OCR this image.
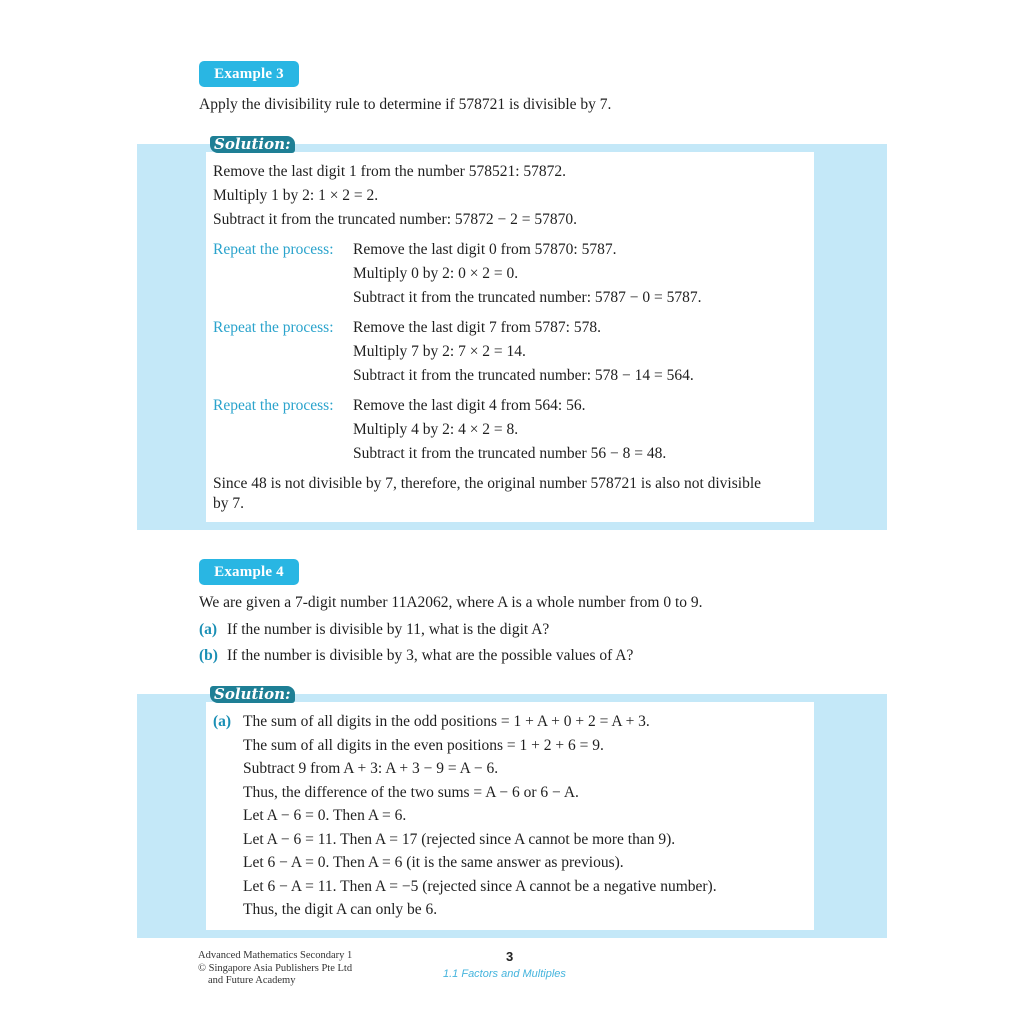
Example 3
Apply the divisibility rule to determine if 578721 is divisible by 7.
Solution:
Remove the last digit 1 from the number 578521: 57872.
Multiply 1 by 2: 1 × 2 = 2.
Subtract it from the truncated number: 57872 − 2 = 57870.
Repeat the process: Remove the last digit 0 from 57870: 5787.
Multiply 0 by 2: 0 × 2 = 0.
Subtract it from the truncated number: 5787 − 0 = 5787.
Repeat the process: Remove the last digit 7 from 5787: 578.
Multiply 7 by 2: 7 × 2 = 14.
Subtract it from the truncated number: 578 − 14 = 564.
Repeat the process: Remove the last digit 4 from 564: 56.
Multiply 4 by 2: 4 × 2 = 8.
Subtract it from the truncated number 56 − 8 = 48.
Since 48 is not divisible by 7, therefore, the original number 578721 is also not divisible
by 7.
Example 4
We are given a 7-digit number 11A2062, where A is a whole number from 0 to 9.
(a) If the number is divisible by 11, what is the digit A?
(b) If the number is divisible by 3, what are the possible values of A?
Solution:
(a) The sum of all digits in the odd positions = 1 + A + 0 + 2 = A + 3.
The sum of all digits in the even positions = 1 + 2 + 6 = 9.
Subtract 9 from A + 3: A + 3 − 9 = A − 6.
Thus, the difference of the two sums = A − 6 or 6 − A.
Let A − 6 = 0. Then A = 6.
Let A − 6 = 11. Then A = 17 (rejected since A cannot be more than 9).
Let 6 − A = 0. Then A = 6 (it is the same answer as previous).
Let 6 − A = 11. Then A = −5 (rejected since A cannot be a negative number).
Thus, the digit A can only be 6.
Advanced Mathematics Secondary 1
© Singapore Asia Publishers Pte Ltd
and Future Academy
3
1.1 Factors and Multiples
